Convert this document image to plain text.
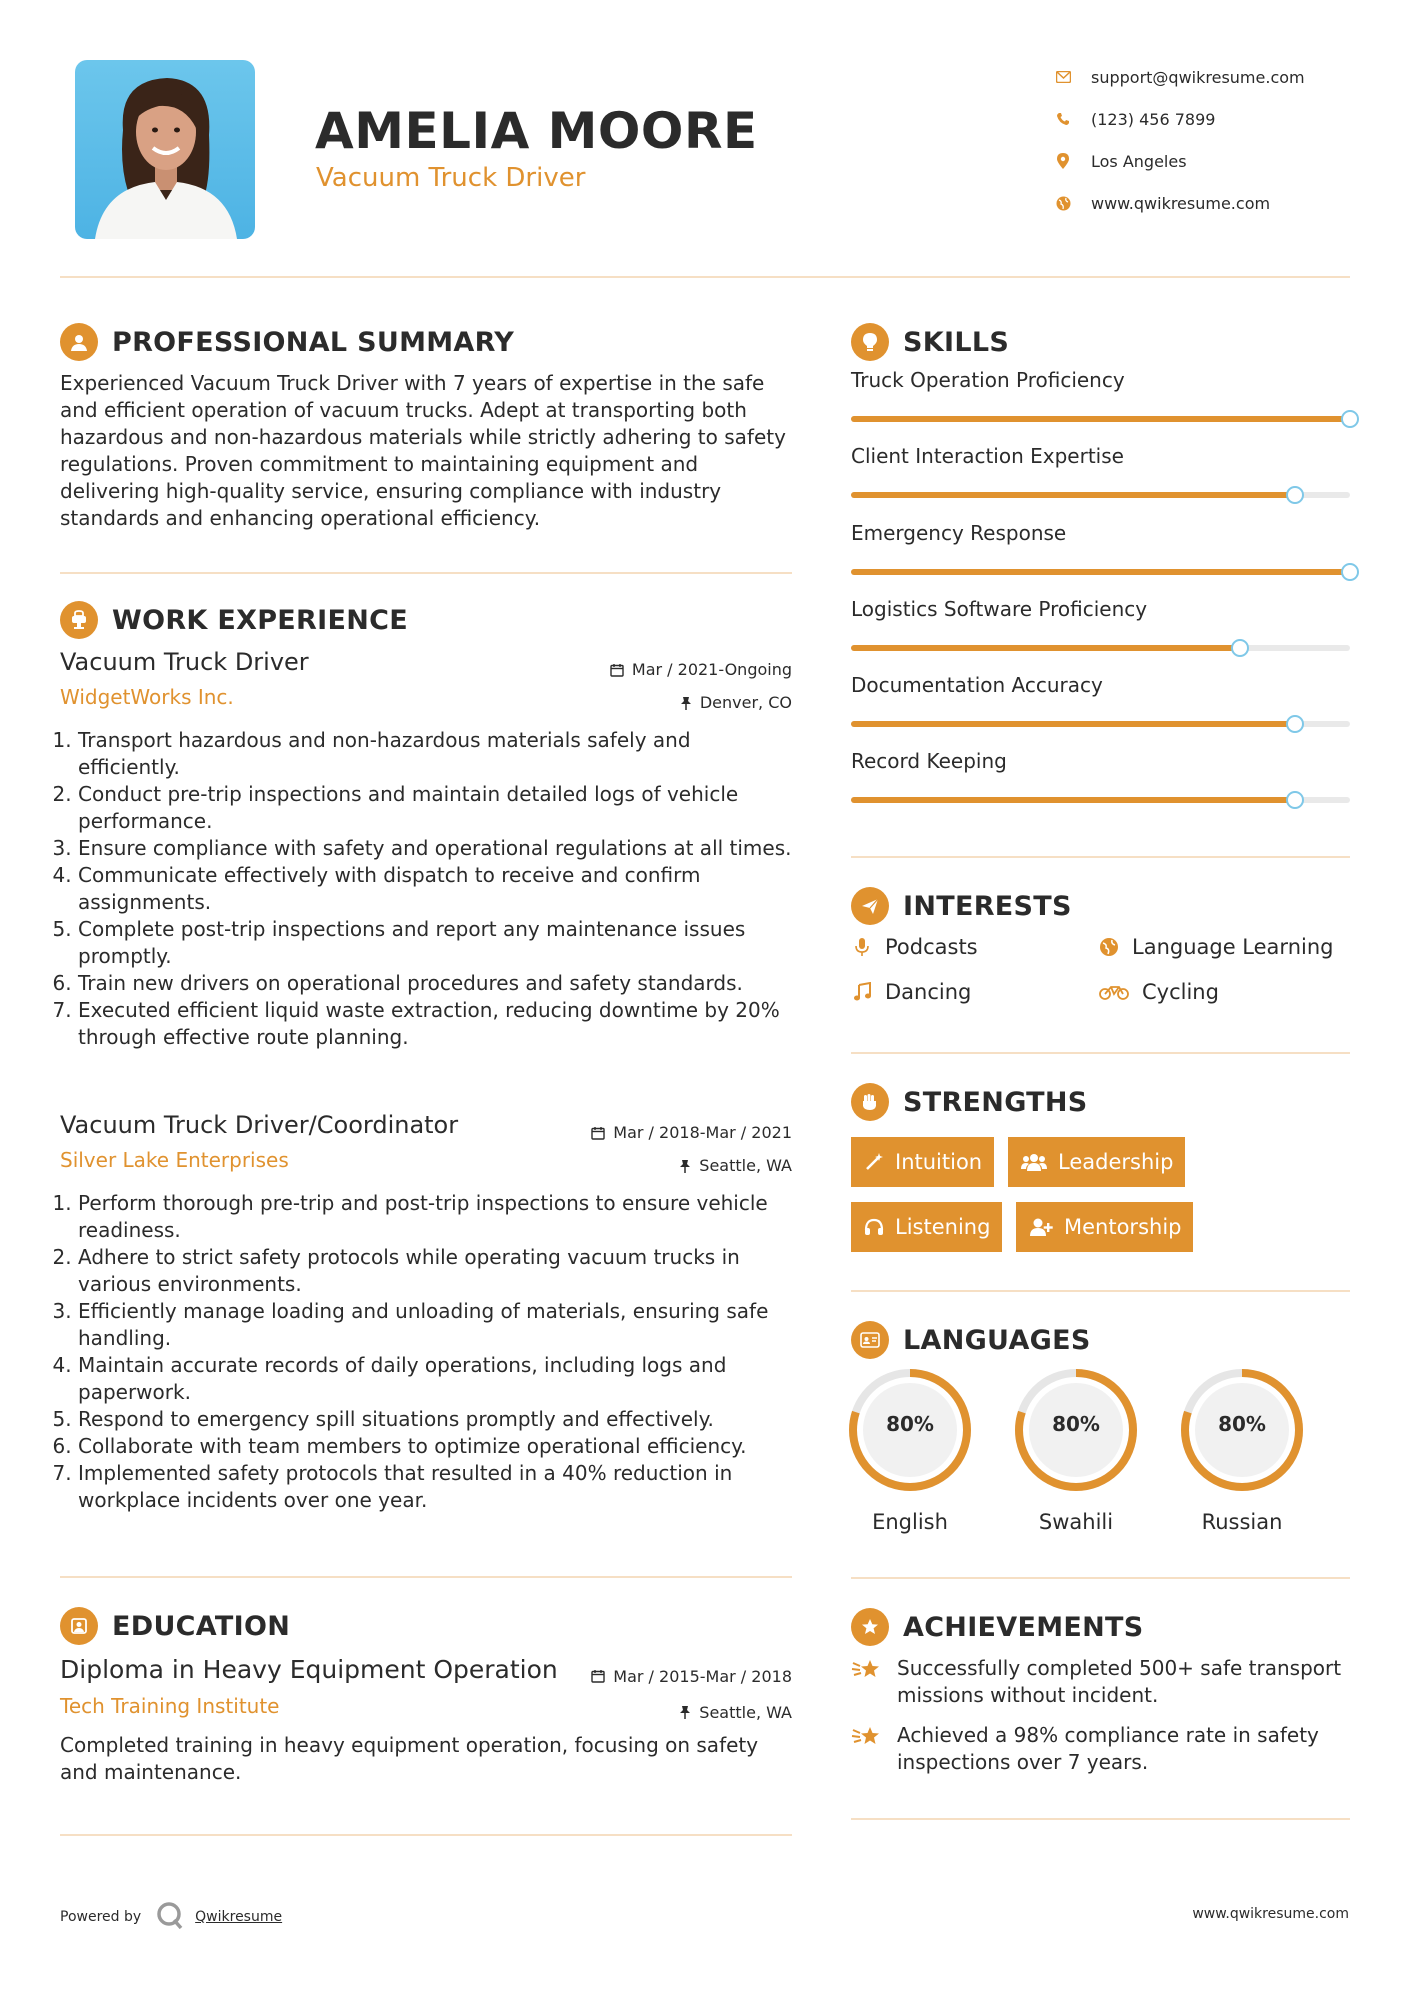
AMELIA MOORE
Vacuum Truck Driver
support@qwikresume.com
(123) 456 7899
Los Angeles
www.qwikresume.com
PROFESSIONAL SUMMARY
Experienced Vacuum Truck Driver with 7 years of expertise in the safe and efficient operation of vacuum trucks. Adept at transporting both hazardous and non-hazardous materials while strictly adhering to safety regulations. Proven commitment to maintaining equipment and delivering high-quality service, ensuring compliance with industry standards and enhancing operational efficiency.
WORK EXPERIENCE
Vacuum Truck Driver
WidgetWorks Inc.
Mar / 2021-Ongoing
Denver, CO
1. Transport hazardous and non-hazardous materials safely and efficiently.
2. Conduct pre-trip inspections and maintain detailed logs of vehicle performance.
3. Ensure compliance with safety and operational regulations at all times.
4. Communicate effectively with dispatch to receive and confirm assignments.
5. Complete post-trip inspections and report any maintenance issues promptly.
6. Train new drivers on operational procedures and safety standards.
7. Executed efficient liquid waste extraction, reducing downtime by 20% through effective route planning.
Vacuum Truck Driver/Coordinator
Silver Lake Enterprises
Mar / 2018-Mar / 2021
Seattle, WA
1. Perform thorough pre-trip and post-trip inspections to ensure vehicle readiness.
2. Adhere to strict safety protocols while operating vacuum trucks in various environments.
3. Efficiently manage loading and unloading of materials, ensuring safe handling.
4. Maintain accurate records of daily operations, including logs and paperwork.
5. Respond to emergency spill situations promptly and effectively.
6. Collaborate with team members to optimize operational efficiency.
7. Implemented safety protocols that resulted in a 40% reduction in workplace incidents over one year.
EDUCATION
Diploma in Heavy Equipment Operation
Tech Training Institute
Mar / 2015-Mar / 2018
Seattle, WA
Completed training in heavy equipment operation, focusing on safety and maintenance.
SKILLS
Truck Operation Proficiency
Client Interaction Expertise
Emergency Response
Logistics Software Proficiency
Documentation Accuracy
Record Keeping
INTERESTS
Podcasts	Language Learning
Dancing	Cycling
STRENGTHS
Intuition	Leadership
Listening	Mentorship
LANGUAGES
80%
English
80%
Swahili
80%
Russian
ACHIEVEMENTS
Successfully completed 500+ safe transport missions without incident.
Achieved a 98% compliance rate in safety inspections over 7 years.
Powered by	Qwikresume	www.qwikresume.com
